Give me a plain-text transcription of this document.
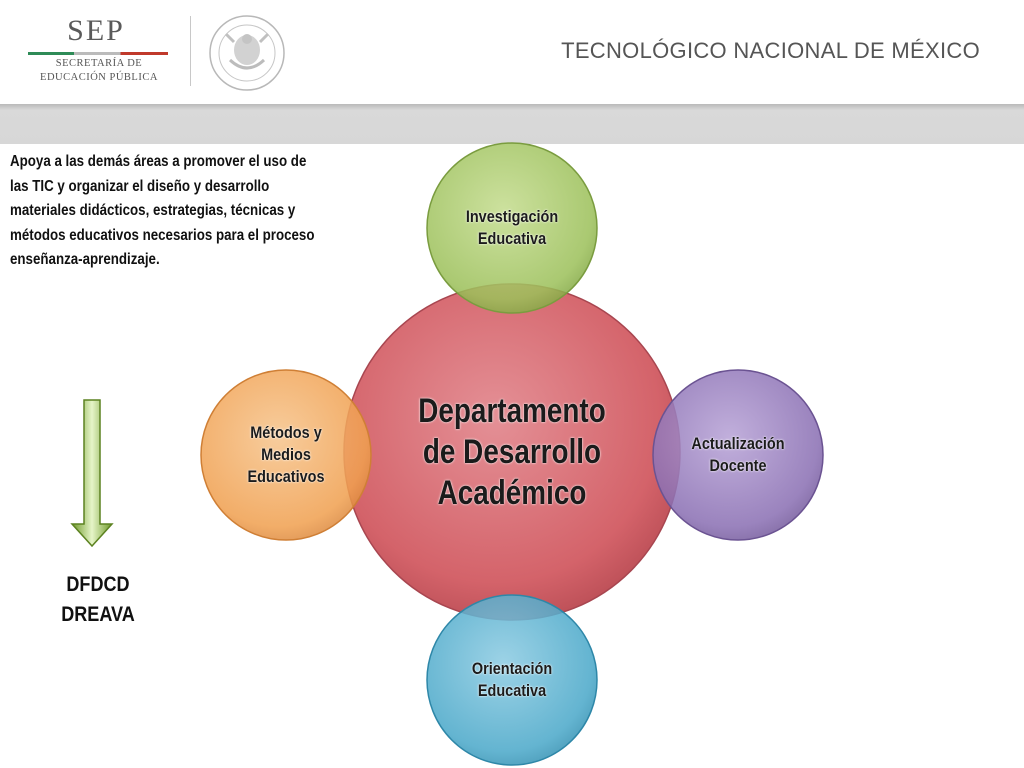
SEP
SECRETARÍA DE
EDUCACIÓN PÚBLICA
TECNOLÓGICO NACIONAL DE MÉXICO
Apoya a las demás áreas a promover el uso de
las TIC y organizar el diseño y desarrollo
materiales didácticos, estrategias, técnicas y
métodos educativos necesarios para el proceso
enseñanza-aprendizaje.
Departamento
de Desarrollo
Académico
Investigación
Educativa
Actualización
Docente
Orientación
Educativa
Métodos y
Medios
Educativos
DFDCD
DREAVA
